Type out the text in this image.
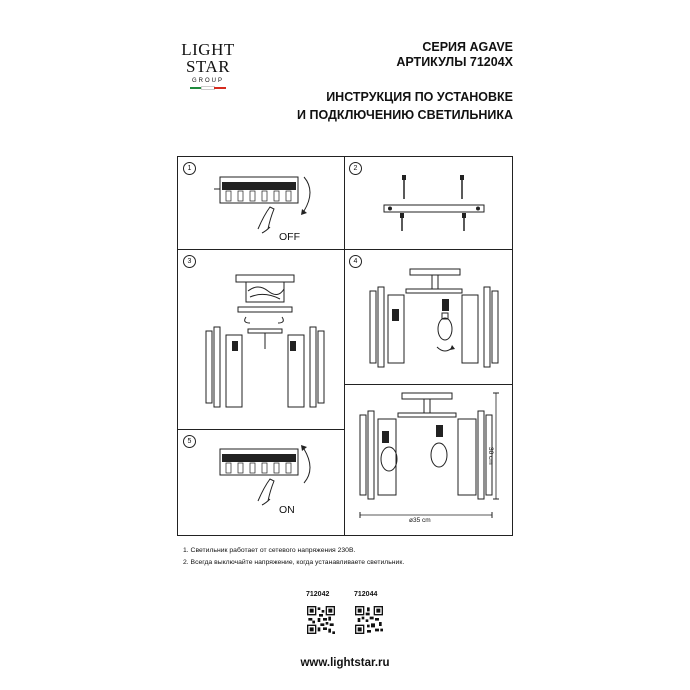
LIGHT
STAR
GROUP
СЕРИЯ AGAVE
АРТИКУЛЫ 71204X
ИНСТРУКЦИЯ ПО УСТАНОВКЕ
И ПОДКЛЮЧЕНИЮ СВЕТИЛЬНИКА
1
OFF
2
3	4
5
ON
30 cm
ø35 cm
1. Светильник работает от сетевого напряжения 230В.
2. Всегда выключайте напряжение, когда устанавливаете светильник.
712042	712044
www.lightstar.ru
